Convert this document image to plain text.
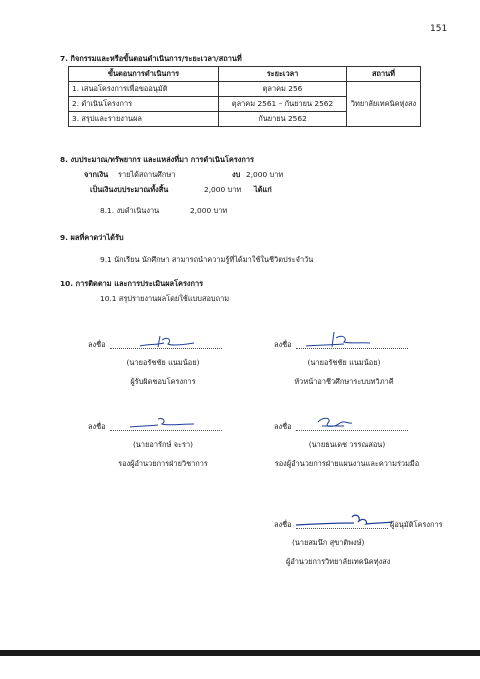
151
7. กิจกรรมและหรือขั้นตอนดำเนินการ/ระยะเวลา/สถานที่
ขั้นตอนการดำเนินการ	ระยะเวลา	สถานที่
1. เสนอโครงการเพื่อขออนุมัติ	ตุลาคม 256	วิทยาลัยเทคนิคหุ่งสง
2. ดำเนินโครงการ	ตุลาคม 2561 – กันยายน 2562	
3. สรุปและรายงานผล	กันยายน 2562	
8. งบประมาณ/ทรัพยากร และแหล่งที่มา การดำเนินโครงการ
จากเงิน รายได้สถานศึกษา	งบ 2,000 บาท
เป็นเงินงบประมาณทั้งสิ้น	2,000 บาท ได้แก่
8.1. งบดำเนินงาน	2,000 บาท
9. ผลที่คาดว่าได้รับ
9.1 นักเรียน นักศึกษา สามารถนำความรู้ที่ได้มาใช้ในชีวิตประจำวัน
10. การติดตาม และการประเมินผลโครงการ
10.1 สรุปรายงานผลโดยใช้แบบสอบถาม
ลงชื่อ
(นายอรัชชัย แนมน้อย)
ผู้รับผิดชอบโครงการ
ลงชื่อ
(นายอรัชชัย แนมน้อย)
หัวหน้าอาชีวศึกษาระบบทวิภาคี
ลงชื่อ
(นายอารักษ์ จะรา)
รองผู้อำนวยการฝ่ายวิชาการ
ลงชื่อ
(นายธนเดช วรรณสอน)
รองผู้อำนวยการฝ่ายแผนงานและความร่วมมือ
ลงชื่อ	ผู้อนุมัติโครงการ
(นายสมนึก สุขาติพงษ์)
ผู้อำนวยการวิทยาลัยเทคนิคทุ่งสง
